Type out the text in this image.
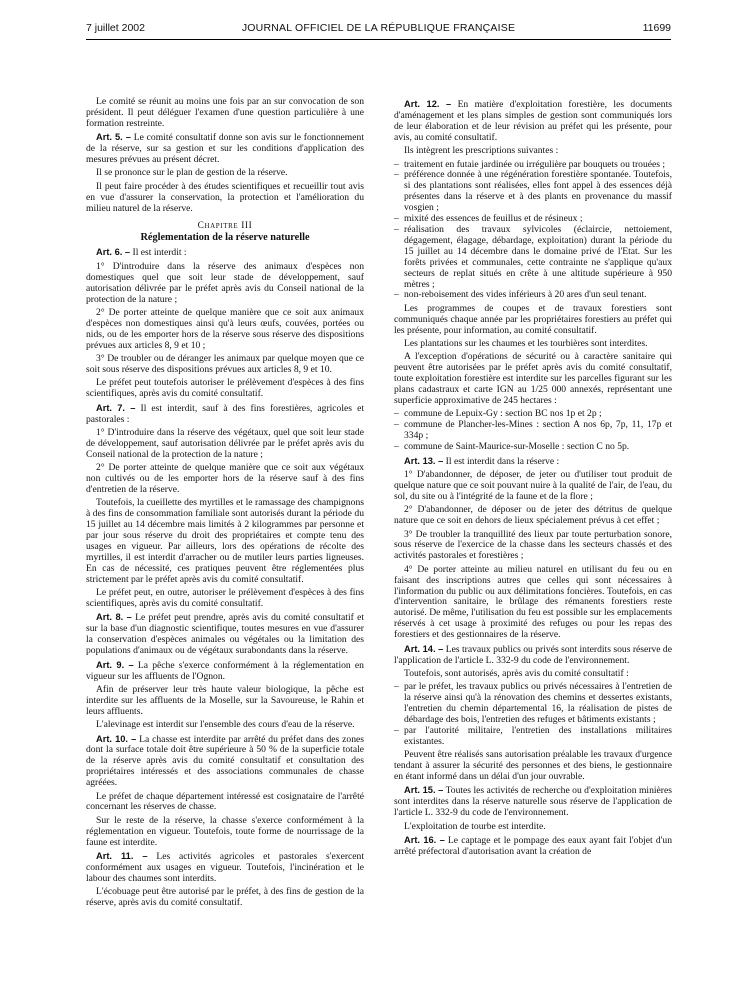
7 juillet 2002	JOURNAL OFFICIEL DE LA RÉPUBLIQUE FRANÇAISE	11699

Le comité se réunit au moins une fois par an sur convocation de son président. Il peut déléguer l'examen d'une question particulière à une formation restreinte.

Art. 5. – Le comité consultatif donne son avis sur le fonctionnement de la réserve, sur sa gestion et sur les conditions d'application des mesures prévues au présent décret.

Il se prononce sur le plan de gestion de la réserve.

Il peut faire procéder à des études scientifiques et recueillir tout avis en vue d'assurer la conservation, la protection et l'amélioration du milieu naturel de la réserve.

Chapitre III
Réglementation de la réserve naturelle

Art. 6. – Il est interdit :

1° D'introduire dans la réserve des animaux d'espèces non domestiques quel que soit leur stade de développement, sauf autorisation délivrée par le préfet après avis du Conseil national de la protection de la nature ;

2° De porter atteinte de quelque manière que ce soit aux animaux d'espèces non domestiques ainsi qu'à leurs œufs, couvées, portées ou nids, ou de les emporter hors de la réserve sous réserve des dispositions prévues aux articles 8, 9 et 10 ;

3° De troubler ou de déranger les animaux par quelque moyen que ce soit sous réserve des dispositions prévues aux articles 8, 9 et 10.

Le préfet peut toutefois autoriser le prélèvement d'espèces à des fins scientifiques, après avis du comité consultatif.

Art. 7. – Il est interdit, sauf à des fins forestières, agricoles et pastorales :

1° D'introduire dans la réserve des végétaux, quel que soit leur stade de développement, sauf autorisation délivrée par le préfet après avis du Conseil national de la protection de la nature ;

2° De porter atteinte de quelque manière que ce soit aux végétaux non cultivés ou de les emporter hors de la réserve sauf à des fins d'entretien de la réserve.

Toutefois, la cueillette des myrtilles et le ramassage des champignons à des fins de consommation familiale sont autorisés durant la période du 15 juillet au 14 décembre mais limités à 2 kilogrammes par personne et par jour sous réserve du droit des propriétaires et compte tenu des usages en vigueur. Par ailleurs, lors des opérations de récolte des myrtilles, il est interdit d'arracher ou de mutiler leurs parties ligneuses. En cas de nécessité, ces pratiques peuvent être réglementées plus strictement par le préfet après avis du comité consultatif.

Le préfet peut, en outre, autoriser le prélèvement d'espèces à des fins scientifiques, après avis du comité consultatif.

Art. 8. – Le préfet peut prendre, après avis du comité consultatif et sur la base d'un diagnostic scientifique, toutes mesures en vue d'assurer la conservation d'espèces animales ou végétales ou la limitation des populations d'animaux ou de végétaux surabondants dans la réserve.

Art. 9. – La pêche s'exerce conformément à la réglementation en vigueur sur les affluents de l'Ognon.

Afin de préserver leur très haute valeur biologique, la pêche est interdite sur les affluents de la Moselle, sur la Savoureuse, le Rahin et leurs affluents.

L'alevinage est interdit sur l'ensemble des cours d'eau de la réserve.

Art. 10. – La chasse est interdite par arrêté du préfet dans des zones dont la surface totale doit être supérieure à 50 % de la superficie totale de la réserve après avis du comité consultatif et consultation des propriétaires intéressés et des associations communales de chasse agréées.

Le préfet de chaque département intéressé est cosignataire de l'arrêté concernant les réserves de chasse.

Sur le reste de la réserve, la chasse s'exerce conformément à la réglementation en vigueur. Toutefois, toute forme de nourrissage de la faune est interdite.

Art. 11. – Les activités agricoles et pastorales s'exercent conformément aux usages en vigueur. Toutefois, l'incinération et le labour des chaumes sont interdits.

L'écobuage peut être autorisé par le préfet, à des fins de gestion de la réserve, après avis du comité consultatif.

Art. 12. – En matière d'exploitation forestière, les documents d'aménagement et les plans simples de gestion sont communiqués lors de leur élaboration et de leur révision au préfet qui les présente, pour avis, au comité consultatif.

Ils intègrent les prescriptions suivantes :

– traitement en futaie jardinée ou irrégulière par bouquets ou trouées ;
– préférence donnée à une régénération forestière spontanée. Toutefois, si des plantations sont réalisées, elles font appel à des essences déjà présentes dans la réserve et à des plants en provenance du massif vosgien ;
– mixité des essences de feuillus et de résineux ;
– réalisation des travaux sylvicoles (éclaircie, nettoiement, dégagement, élagage, débardage, exploitation) durant la période du 15 juillet au 14 décembre dans le domaine privé de l'Etat. Sur les forêts privées et communales, cette contrainte ne s'applique qu'aux secteurs de replat situés en crête à une altitude supérieure à 950 mètres ;
– non-reboisement des vides inférieurs à 20 ares d'un seul tenant.

Les programmes de coupes et de travaux forestiers sont communiqués chaque année par les propriétaires forestiers au préfet qui les présente, pour information, au comité consultatif.

Les plantations sur les chaumes et les tourbières sont interdites.

A l'exception d'opérations de sécurité ou à caractère sanitaire qui peuvent être autorisées par le préfet après avis du comité consultatif, toute exploitation forestière est interdite sur les parcelles figurant sur les plans cadastraux et carte IGN au 1/25 000 annexés, représentant une superficie approximative de 245 hectares :

– commune de Lepuix-Gy : section BC nos 1p et 2p ;
– commune de Plancher-les-Mines : section A nos 6p, 7p, 11, 17p et 334p ;
– commune de Saint-Maurice-sur-Moselle : section C no 5p.

Art. 13. – Il est interdit dans la réserve :

1° D'abandonner, de déposer, de jeter ou d'utiliser tout produit de quelque nature que ce soit pouvant nuire à la qualité de l'air, de l'eau, du sol, du site ou à l'intégrité de la faune et de la flore ;

2° D'abandonner, de déposer ou de jeter des détritus de quelque nature que ce soit en dehors de lieux spécialement prévus à cet effet ;

3° De troubler la tranquillité des lieux par toute perturbation sonore, sous réserve de l'exercice de la chasse dans les secteurs chassés et des activités pastorales et forestières ;

4° De porter atteinte au milieu naturel en utilisant du feu ou en faisant des inscriptions autres que celles qui sont nécessaires à l'information du public ou aux délimitations foncières. Toutefois, en cas d'intervention sanitaire, le brûlage des rémanents forestiers reste autorisé. De même, l'utilisation du feu est possible sur les emplacements réservés à cet usage à proximité des refuges ou pour les repas des forestiers et des gestionnaires de la réserve.

Art. 14. – Les travaux publics ou privés sont interdits sous réserve de l'application de l'article L. 332-9 du code de l'environnement.

Toutefois, sont autorisés, après avis du comité consultatif :

– par le préfet, les travaux publics ou privés nécessaires à l'entretien de la réserve ainsi qu'à la rénovation des chemins et dessertes existants, l'entretien du chemin départemental 16, la réalisation de pistes de débardage des bois, l'entretien des refuges et bâtiments existants ;
– par l'autorité militaire, l'entretien des installations militaires existantes.

Peuvent être réalisés sans autorisation préalable les travaux d'urgence tendant à assurer la sécurité des personnes et des biens, le gestionnaire en étant informé dans un délai d'un jour ouvrable.

Art. 15. – Toutes les activités de recherche ou d'exploitation minières sont interdites dans la réserve naturelle sous réserve de l'application de l'article L. 332-9 du code de l'environnement.

L'exploitation de tourbe est interdite.

Art. 16. – Le captage et le pompage des eaux ayant fait l'objet d'un arrêté préfectoral d'autorisation avant la création de
